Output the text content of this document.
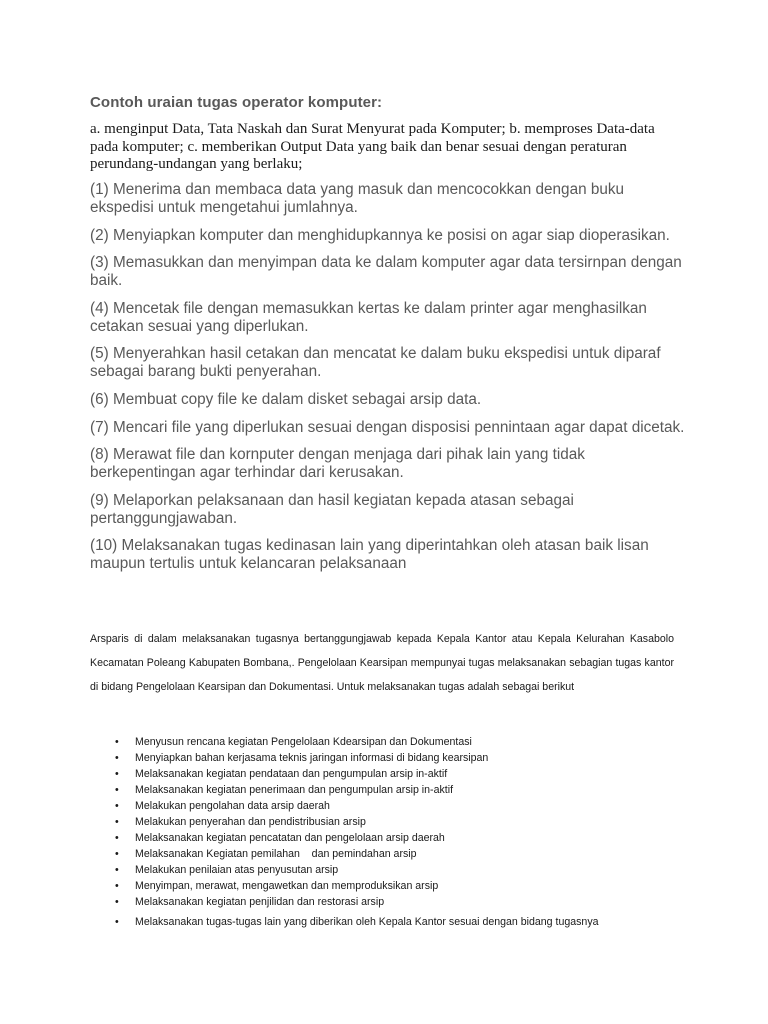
Contoh uraian tugas operator komputer:
a. menginput Data, Tata Naskah dan Surat Menyurat pada Komputer; b. memproses Data-data pada komputer; c. memberikan Output Data yang baik dan benar sesuai dengan peraturan perundang-undangan yang berlaku;
(1) Menerima dan membaca data yang masuk dan mencocokkan dengan buku ekspedisi untuk mengetahui jumlahnya.
(2) Menyiapkan komputer dan menghidupkannya ke posisi on agar siap dioperasikan.
(3) Memasukkan dan menyimpan data ke dalam komputer agar data tersirnpan dengan baik.
(4) Mencetak file dengan memasukkan kertas ke dalam printer agar menghasilkan cetakan sesuai yang diperlukan.
(5) Menyerahkan hasil cetakan dan mencatat ke dalam buku ekspedisi untuk diparaf sebagai barang bukti penyerahan.
(6) Membuat copy file ke dalam disket sebagai arsip data.
(7) Mencari file yang diperlukan sesuai dengan disposisi pennintaan agar dapat dicetak.
(8) Merawat file dan kornputer dengan menjaga dari pihak lain yang tidak berkepentingan agar terhindar dari kerusakan.
(9) Melaporkan pelaksanaan dan hasil kegiatan kepada atasan sebagai pertanggungjawaban.
(10) Melaksanakan tugas kedinasan lain yang diperintahkan oleh atasan baik lisan maupun tertulis untuk kelancaran pelaksanaan
Arsparis di dalam melaksanakan tugasnya bertanggungjawab kepada Kepala Kantor atau Kepala Kelurahan Kasabolo Kecamatan Poleang Kabupaten Bombana,. Pengelolaan Kearsipan mempunyai tugas melaksanakan sebagian tugas kantor di bidang Pengelolaan Kearsipan dan Dokumentasi. Untuk melaksanakan tugas adalah sebagai berikut
• Menyusun rencana kegiatan Pengelolaan Kdearsipan dan Dokumentasi
• Menyiapkan bahan kerjasama teknis jaringan informasi di bidang kearsipan
• Melaksanakan kegiatan pendataan dan pengumpulan arsip in-aktif
• Melaksanakan kegiatan penerimaan dan pengumpulan arsip in-aktif
• Melakukan pengolahan data arsip daerah
• Melakukan penyerahan dan pendistribusian arsip
• Melaksanakan kegiatan pencatatan dan pengelolaan arsip daerah
• Melaksanakan Kegiatan pemilahan    dan pemindahan arsip
• Melakukan penilaian atas penyusutan arsip
• Menyimpan, merawat, mengawetkan dan memproduksikan arsip
• Melaksanakan kegiatan penjilidan dan restorasi arsip
• Melaksanakan tugas-tugas lain yang diberikan oleh Kepala Kantor sesuai dengan bidang tugasnya
